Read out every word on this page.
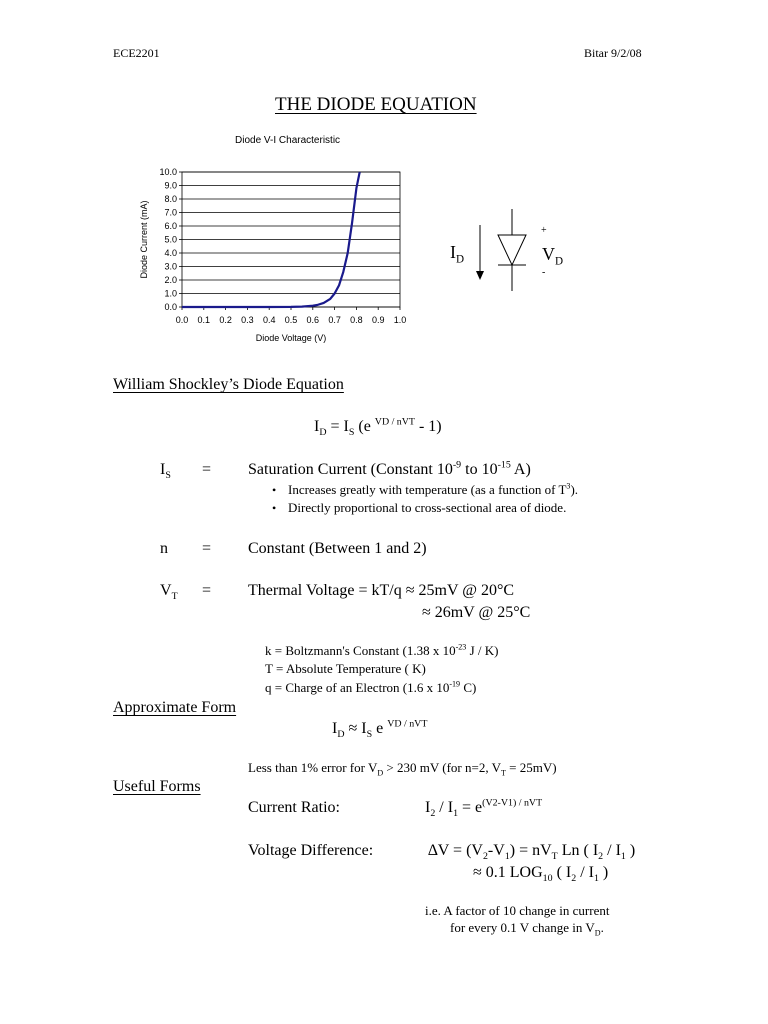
ECE2201	Bitar 9/2/08
THE DIODE EQUATION
Diode V-I Characteristic
0.0
1.0
2.0
3.0
4.0
5.0
6.0
7.0
8.0
9.0
10.0
0.0 0.1 0.2 0.3 0.4 0.5 0.6 0.7 0.8 0.9 1.0
Diode Voltage (V)
Diode Current (mA)	$I_D$
+
$V_D$
-
William Shockley’s Diode Equation
$I_D = I_S$ (e $^{VD / nVT}$ - 1)
$I_S$ = Saturation Current (Constant $10^{-9}$ to $10^{-15}$ A)
• Increases greatly with temperature (as a function of $T^3$).
• Directly proportional to cross-sectional area of diode.
n = Constant (Between 1 and 2)
$V_T$ = Thermal Voltage = kT/q ≈ 25mV @ 20°C
≈ 26mV @ 25°C
k = Boltzmann's Constant (1.38 x $10^{-23}$ J / K)
T = Absolute Temperature ( K)
q = Charge of an Electron (1.6 x $10^{-19}$ C)
Approximate Form
$I_D \approx I_S$ e $^{VD / nVT}$
Less than 1% error for $V_D > 230$ mV (for n=2, $V_T = 25mV$)
Useful Forms
Current Ratio:	$I_2 / I_1 = e^{(V2-V1) / nVT}$
Voltage Difference:	$\Delta V = (V_2-V_1) = nV_T$ Ln ( $I_2 / I_1$ )
≈ 0.1 $LOG_{10}$ ( $I_2 / I_1$ )
i.e. A factor of 10 change in current
for every 0.1 V change in $V_D$.
